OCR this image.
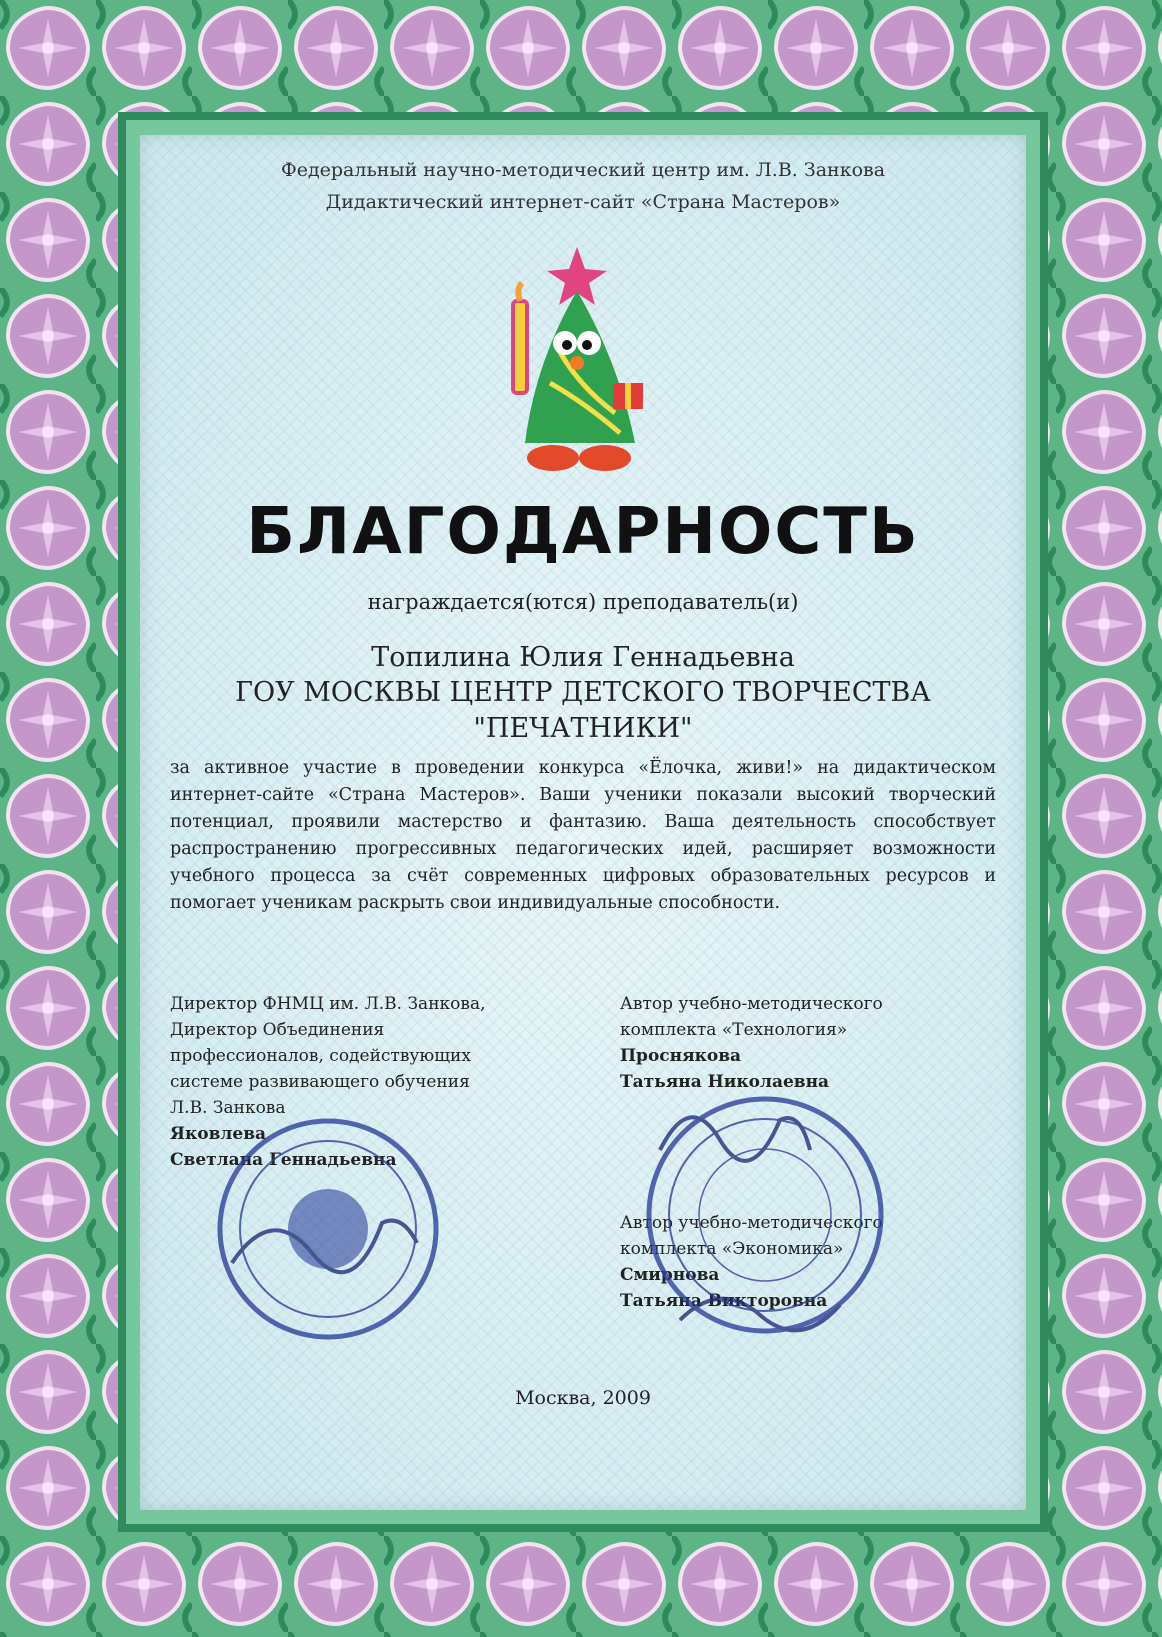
Федеральный научно-методический центр им. Л.В. Занкова
Дидактический интернет-сайт «Страна Мастеров»
БЛАГОДАРНОСТЬ
награждается(ются) преподаватель(и)
Топилина Юлия Геннадьевна
ГОУ МОСКВЫ ЦЕНТР ДЕТСКОГО ТВОРЧЕСТВА
"ПЕЧАТНИКИ"
за активное участие в проведении конкурса «Ёлочка, живи!» на дидактическом интернет-сайте «Страна Мастеров». Ваши ученики показали высокий творческий потенциал, проявили мастерство и фантазию. Ваша деятельность способствует распространению прогрессивных педагогических идей, расширяет возможности учебного процесса за счёт современных цифровых образовательных ресурсов и помогает ученикам раскрыть свои индивидуальные способности.
Директор ФНМЦ им. Л.В. Занкова,
Директор Объединения
профессионалов, содействующих
системе развивающего обучения
Л.В. Занкова
Яковлева
Светлана Геннадьевна
Автор учебно-методического
комплекта «Технология»
Проснякова
Татьяна Николаевна
Автор учебно-методического
комплекта «Экономика»
Смирнова
Татьяна Викторовна
Москва, 2009
